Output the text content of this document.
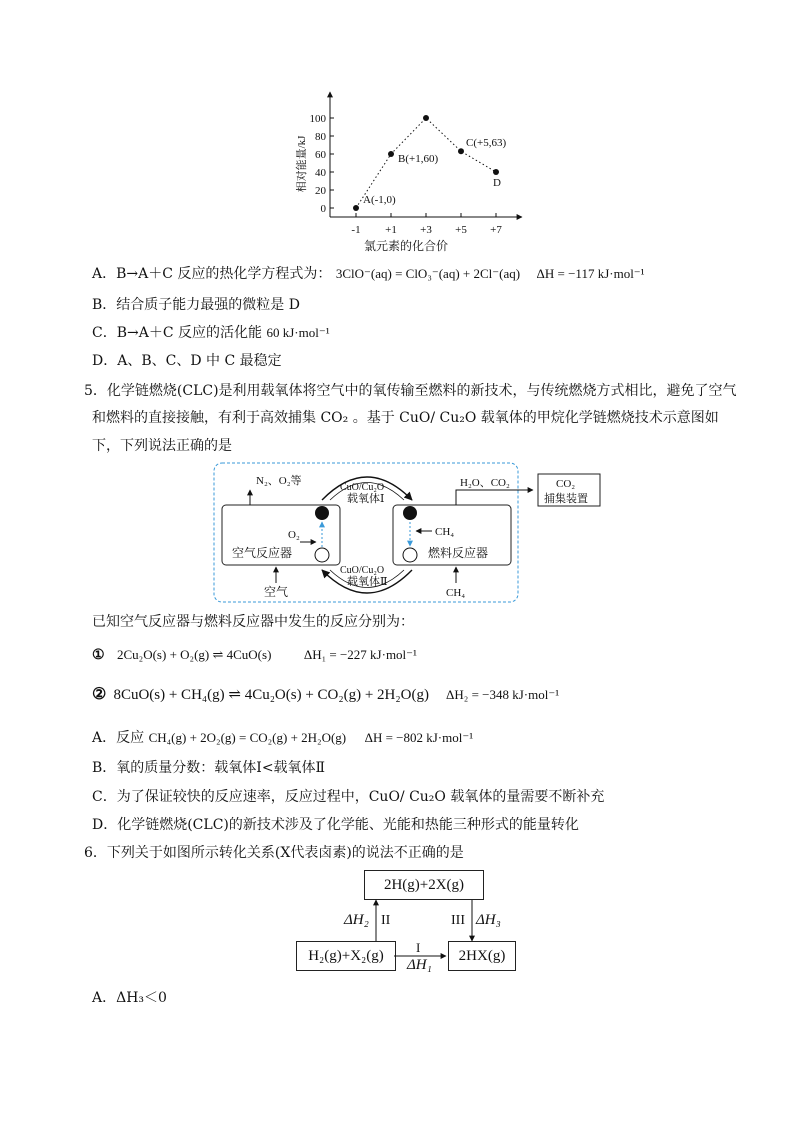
0
20
40
60
80
100
-1 +1 +3 +5 +7
相对能量/kJ
氯元素的化合价
A(-1,0)
B(+1,60)
C(+5,63)
D
A．B→A＋C 反应的热化学方程式为： 3ClO⁻(aq) = ClO₃⁻(aq) + 2Cl⁻(aq) ΔH = −117 kJ·mol⁻¹
B．结合质子能力最强的微粒是 D
C．B→A＋C 反应的活化能 60 kJ·mol⁻¹
D．A、B、C、D 中 C 最稳定
5．化学链燃烧(CLC)是利用载氧体将空气中的氧传输至燃料的新技术，与传统燃烧方式相比，避免了空气
和燃料的直接接触，有利于高效捕集 CO₂ 。基于 CuO/ Cu₂O 载氧体的甲烷化学链燃烧技术示意图如
下，下列说法正确的是
空气反应器
O₂
N₂、O₂等
空气
燃料反应器
CH₄
CH₄
CuO/Cu₂O
载氧体Ⅰ
CuO/Cu₂O
载氧体Ⅱ
H₂O、CO₂	CO₂
捕集装置
已知空气反应器与燃料反应器中发生的反应分别为：
① 2Cu₂O(s) + O₂(g) ⇌ 4CuO(s) ΔH₁ = −227 kJ·mol⁻¹
② 8CuO(s) + CH₄(g) ⇌ 4Cu₂O(s) + CO₂(g) + 2H₂O(g) ΔH₂ = −348 kJ·mol⁻¹
A．反应 CH₄(g) + 2O₂(g) = CO₂(g) + 2H₂O(g) ΔH = −802 kJ·mol⁻¹
B．氧的质量分数：载氧体Ⅰ<载氧体Ⅱ
C．为了保证较快的反应速率，反应过程中，CuO/ Cu₂O 载氧体的量需要不断补充
D．化学链燃烧(CLC)的新技术涉及了化学能、光能和热能三种形式的能量转化
6．下列关于如图所示转化关系(X代表卤素)的说法不正确的是
2H(g)+2X(g)
H₂(g)+X₂(g)	2HX(g)
ΔH₂ II	III ΔH₃
I
ΔH₁
A．ΔH₃＜0
